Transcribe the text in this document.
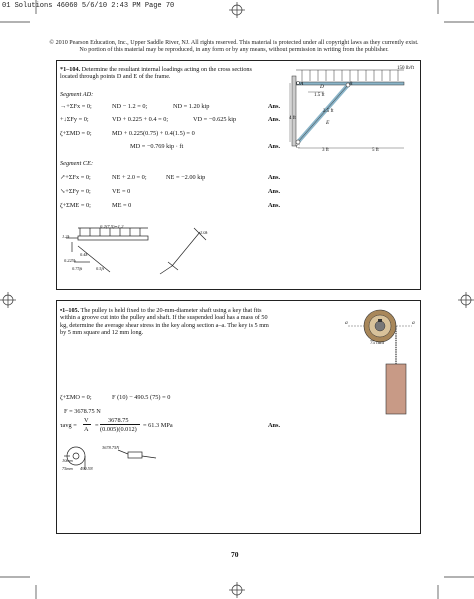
01 Solutions 46060 5/6/10 2:43 PM Page 70
© 2010 Pearson Education, Inc., Upper Saddle River, NJ. All rights reserved. This material is protected under all copyright laws as they currently exist. No portion of this material may be reproduced, in any form or by any means, without permission in writing from the publisher.
*1–104. Determine the resultant internal loadings acting on the cross sections located through points D and E of the frame.
150 lb/ft
1.5 ft
4 ft
2.5 ft
3 ft	5 ft
A	B
C
D
E
Segment AD:
→+ΣFx = 0;	ND − 1.2 = 0;	ND = 1.20 kip	Ans.
+↓ΣFy = 0;	VD + 0.225 + 0.4 = 0;	VD = −0.625 kip	Ans.
ζ+ΣMD = 0;	MD + 0.225(0.75) + 0.4(1.5) = 0
MD = −0.769 kip · ft	Ans.
Segment CE:
↗+ΣFx = 0;	NE + 2.0 = 0;	NE = −2.00 kip	Ans.
↘+ΣFy = 0;	VE = 0	Ans.
ζ+ΣME = 0;	ME = 0	Ans.
0.2(7.5)=1.2
0.4k
0.225k
1.2k
2.0k
0.75ft	0.5ft
•1–105. The pulley is held fixed to the 20-mm-diameter shaft using a key that fits within a groove cut into the pulley and shaft. If the suspended load has a mass of 50 kg, determine the average shear stress in the key along section a–a. The key is 5 mm by 5 mm square and 12 mm long.
a	a
75 mm
ζ+ΣMO = 0;	F (10) − 490.5 (75) = 0
F = 3678.75 N
τavg =
V
A
=
3678.75
(0.005)(0.012)
= 61.3 MPa	Ans.
490.5N
3678.75N
10mm
75mm
70
